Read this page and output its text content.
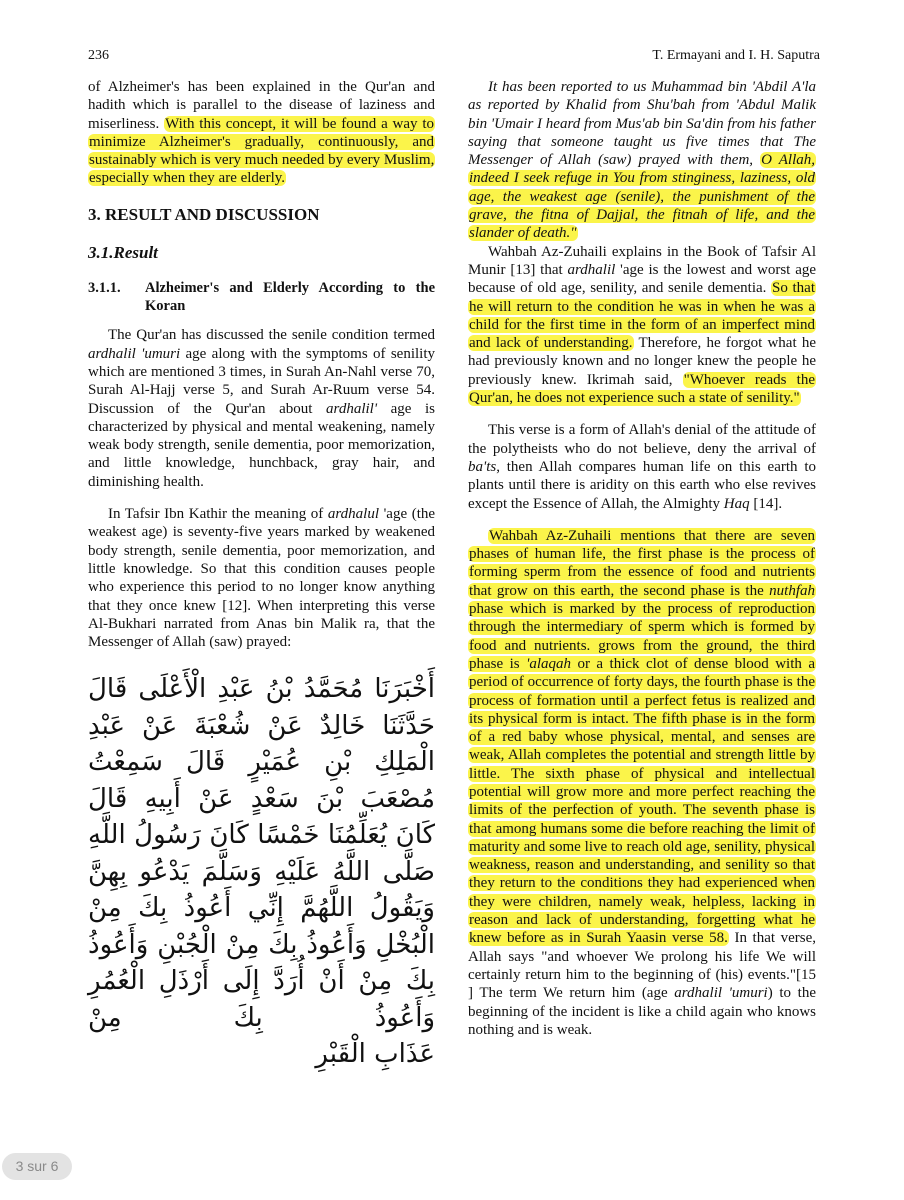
236	T. Ermayani and I. H. Saputra

of Alzheimer's has been explained in the Qur'an and hadith which is parallel to the disease of laziness and miserliness. With this concept, it will be found a way to minimize Alzheimer's gradually, continuously, and sustainably which is very much needed by every Muslim, especially when they are elderly.

3. RESULT AND DISCUSSION
3.1.Result
3.1.1.	Alzheimer's and Elderly According to the Koran

The Qur'an has discussed the senile condition termed ardhalil 'umuri age along with the symptoms of senility which are mentioned 3 times, in Surah An-Nahl verse 70, Surah Al-Hajj verse 5, and Surah Ar-Ruum verse 54. Discussion of the Qur'an about ardhalil' age is characterized by physical and mental weakening, namely weak body strength, senile dementia, poor memorization, and little knowledge, hunchback, gray hair, and diminishing health.

In Tafsir Ibn Kathir the meaning of ardhalul 'age (the weakest age) is seventy-five years marked by weakened body strength, senile dementia, poor memorization, and little knowledge. So that this condition causes people who experience this period to no longer know anything that they once knew [12]. When interpreting this verse Al-Bukhari narrated from Anas bin Malik ra, that the Messenger of Allah (saw) prayed:

أَخْبَرَنَا مُحَمَّدُ بْنُ عَبْدِ الْأَعْلَى قَالَ حَدَّثَنَا خَالِدٌ عَنْ شُعْبَةَ عَنْ عَبْدِ الْمَلِكِ بْنِ عُمَيْرٍ قَالَ سَمِعْتُ مُصْعَبَ بْنَ سَعْدٍ عَنْ أَبِيهِ قَالَ كَانَ يُعَلِّمُنَا خَمْسًا كَانَ رَسُولُ اللَّهِ صَلَّى اللَّهُ عَلَيْهِ وَسَلَّمَ يَدْعُو بِهِنَّ وَيَقُولُ اللَّهُمَّ إِنِّي أَعُوذُ بِكَ مِنْ الْبُخْلِ وَأَعُوذُ بِكَ مِنْ الْجُبْنِ وَأَعُوذُ بِكَ مِنْ أَنْ أُرَدَّ إِلَى أَرْذَلِ الْعُمُرِ وَأَعُوذُ بِكَ مِنْ
عَذَابِ الْقَبْرِ

It has been reported to us Muhammad bin 'Abdil A'la as reported by Khalid from Shu'bah from 'Abdul Malik bin 'Umair I heard from Mus'ab bin Sa'din from his father saying that someone taught us five times that The Messenger of Allah (saw) prayed with them, O Allah, indeed I seek refuge in You from stinginess, laziness, old age, the weakest age (senile), the punishment of the grave, the fitna of Dajjal, the fitnah of life, and the slander of death."

Wahbah Az-Zuhaili explains in the Book of Tafsir Al Munir [13] that ardhalil 'age is the lowest and worst age because of old age, senility, and senile dementia. So that he will return to the condition he was in when he was a child for the first time in the form of an imperfect mind and lack of understanding. Therefore, he forgot what he had previously known and no longer knew the people he previously knew. Ikrimah said, "Whoever reads the Qur'an, he does not experience such a state of senility."

This verse is a form of Allah's denial of the attitude of the polytheists who do not believe, deny the arrival of ba'ts, then Allah compares human life on this earth to plants until there is aridity on this earth who else revives except the Essence of Allah, the Almighty Haq [14].

Wahbah Az-Zuhaili mentions that there are seven phases of human life, the first phase is the process of forming sperm from the essence of food and nutrients that grow on this earth, the second phase is the nuthfah phase which is marked by the process of reproduction through the intermediary of sperm which is formed by food and nutrients. grows from the ground, the third phase is 'alaqah or a thick clot of dense blood with a period of occurrence of forty days, the fourth phase is the process of formation until a perfect fetus is realized and its physical form is intact. The fifth phase is in the form of a red baby whose physical, mental, and senses are weak, Allah completes the potential and strength little by little. The sixth phase of physical and intellectual potential will grow more and more perfect reaching the limits of the perfection of youth. The seventh phase is that among humans some die before reaching the limit of maturity and some live to reach old age, senility, physical weakness, reason and understanding, and senility so that they return to the conditions they had experienced when they were children, namely weak, helpless, lacking in reason and lack of understanding, forgetting what he knew before as in Surah Yaasin verse 58. In that verse, Allah says "and whoever We prolong his life We will certainly return him to the beginning of (his) events."[15 ] The term We return him (age ardhalil 'umuri) to the beginning of the incident is like a child again who knows nothing and is weak.

3 sur 6
